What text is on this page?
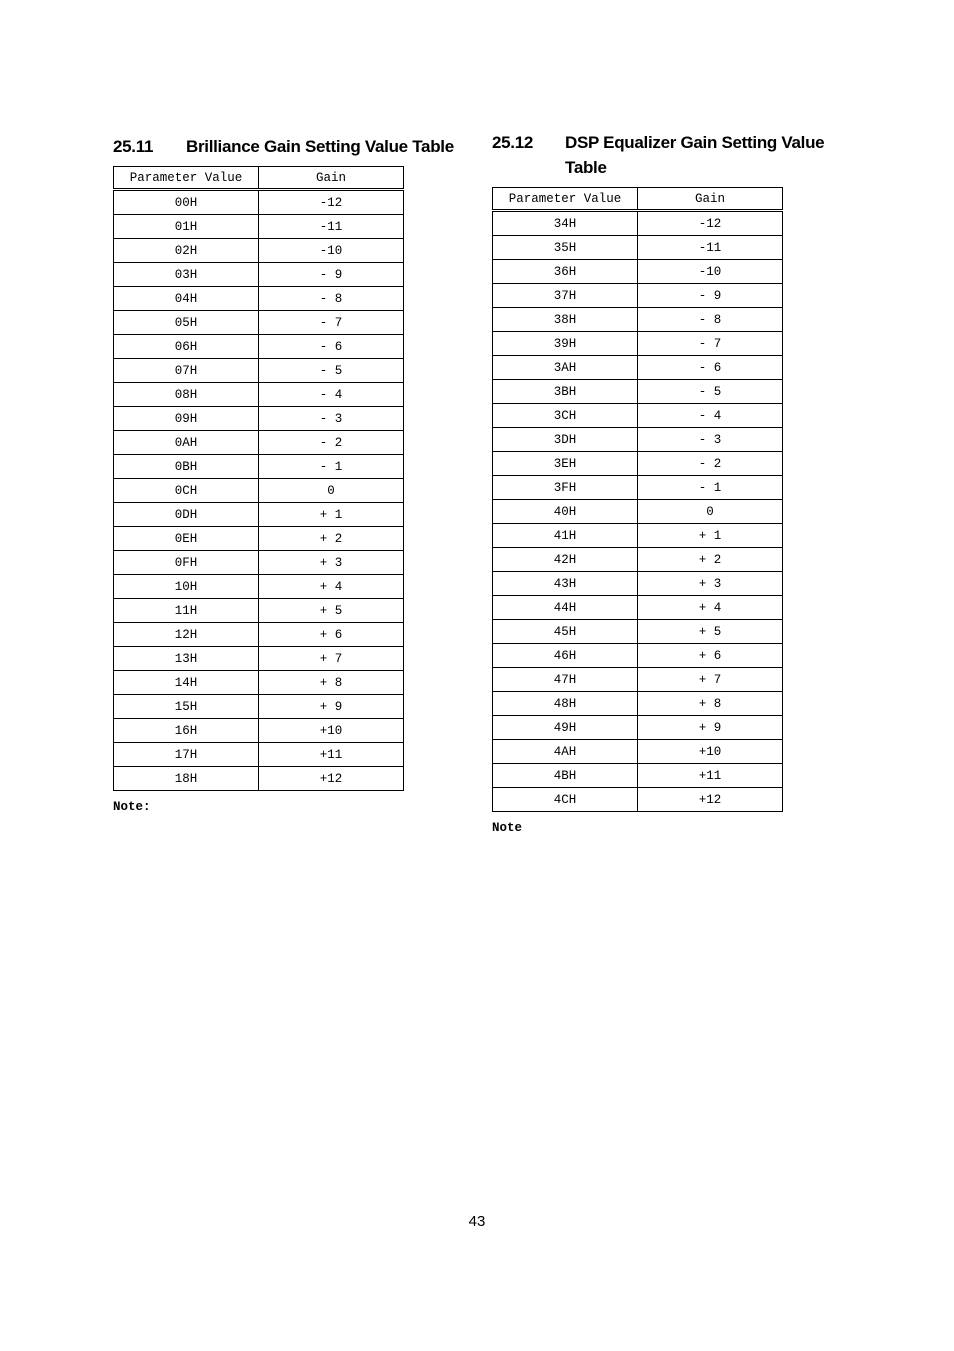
25.11	Brilliance Gain Setting Value Table
Parameter Value	Gain
00H	-12
01H	-11
02H	-10
03H	- 9
04H	- 8
05H	- 7
06H	- 6
07H	- 5
08H	- 4
09H	- 3
0AH	- 2
0BH	- 1
0CH	0
0DH	+ 1
0EH	+ 2
0FH	+ 3
10H	+ 4
11H	+ 5
12H	+ 6
13H	+ 7
14H	+ 8
15H	+ 9
16H	+10
17H	+11
18H	+12
Note:
25.12	DSP Equalizer Gain Setting Value Table
Parameter Value	Gain
34H	-12
35H	-11
36H	-10
37H	- 9
38H	- 8
39H	- 7
3AH	- 6
3BH	- 5
3CH	- 4
3DH	- 3
3EH	- 2
3FH	- 1
40H	0
41H	+ 1
42H	+ 2
43H	+ 3
44H	+ 4
45H	+ 5
46H	+ 6
47H	+ 7
48H	+ 8
49H	+ 9
4AH	+10
4BH	+11
4CH	+12
Note
43
